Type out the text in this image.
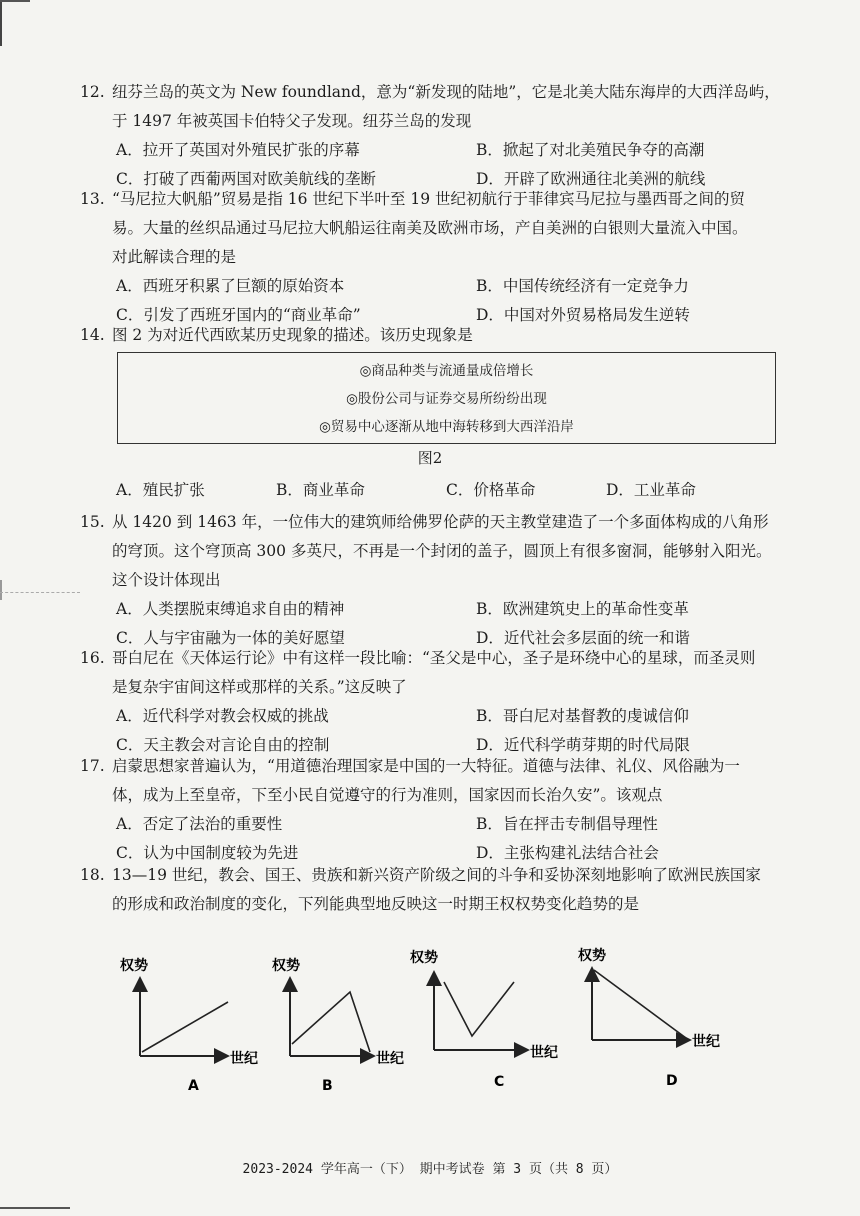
12. 纽芬兰岛的英文为 New foundland，意为“新发现的陆地”，它是北美大陆东海岸的大西洋岛屿，
于 1497 年被英国卡伯特父子发现。纽芬兰岛的发现
A．拉开了英国对外殖民扩张的序幕	B．掀起了对北美殖民争夺的高潮
C．打破了西葡两国对欧美航线的垄断	D．开辟了欧洲通往北美洲的航线
13. “马尼拉大帆船”贸易是指 16 世纪下半叶至 19 世纪初航行于菲律宾马尼拉与墨西哥之间的贸
易。大量的丝织品通过马尼拉大帆船运往南美及欧洲市场，产自美洲的白银则大量流入中国。
对此解读合理的是
A．西班牙积累了巨额的原始资本	B．中国传统经济有一定竞争力
C．引发了西班牙国内的“商业革命”	D．中国对外贸易格局发生逆转
14. 图 2 为对近代西欧某历史现象的描述。该历史现象是
◎商品种类与流通量成倍增长
◎股份公司与证券交易所纷纷出现
◎贸易中心逐渐从地中海转移到大西洋沿岸
图2
A．殖民扩张	B．商业革命	C．价格革命	D．工业革命
15. 从 1420 到 1463 年，一位伟大的建筑师给佛罗伦萨的天主教堂建造了一个多面体构成的八角形
的穹顶。这个穹顶高 300 多英尺，不再是一个封闭的盖子，圆顶上有很多窗洞，能够射入阳光。
这个设计体现出
A．人类摆脱束缚追求自由的精神	B．欧洲建筑史上的革命性变革
C．人与宇宙融为一体的美好愿望	D．近代社会多层面的统一和谐
16. 哥白尼在《天体运行论》中有这样一段比喻：“圣父是中心，圣子是环绕中心的星球，而圣灵则
是复杂宇宙间这样或那样的关系。”这反映了
A．近代科学对教会权威的挑战	B．哥白尼对基督教的虔诚信仰
C．天主教会对言论自由的控制	D．近代科学萌芽期的时代局限
17. 启蒙思想家普遍认为，“用道德治理国家是中国的一大特征。道德与法律、礼仪、风俗融为一
体，成为上至皇帝，下至小民自觉遵守的行为准则，国家因而长治久安”。该观点
A．否定了法治的重要性	B．旨在抨击专制倡导理性
C．认为中国制度较为先进	D．主张构建礼法结合社会
18. 13—19 世纪，教会、国王、贵族和新兴资产阶级之间的斗争和妥协深刻地影响了欧洲民族国家
的形成和政治制度的变化，下列能典型地反映这一时期王权权势变化趋势的是
权势
世纪
A
权势
世纪
B
权势
世纪
C
权势
世纪
D
2023-2024 学年高一（下） 期中考试卷 第 3 页（共 8 页）
